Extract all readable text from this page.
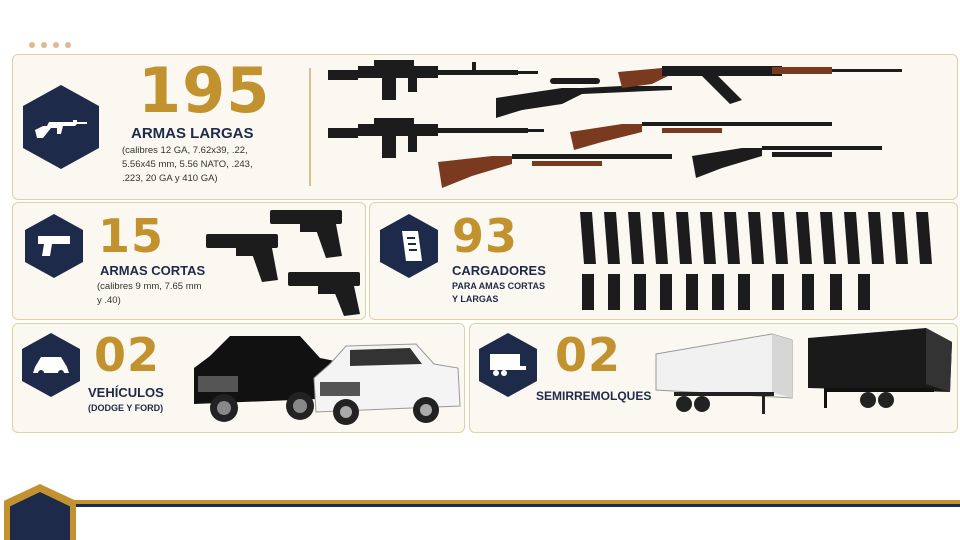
195
ARMAS LARGAS
(calibres 12 GA, 7.62x39, .22,
5.56x45 mm, 5.56 NATO, .243,
.223, 20 GA y 410 GA)
15
ARMAS CORTAS
(calibres 9 mm, 7.65 mm
y .40)
93
CARGADORES
PARA AMAS CORTAS
Y LARGAS
02
VEHÍCULOS
(DODGE Y FORD)
02
SEMIRREMOLQUES
